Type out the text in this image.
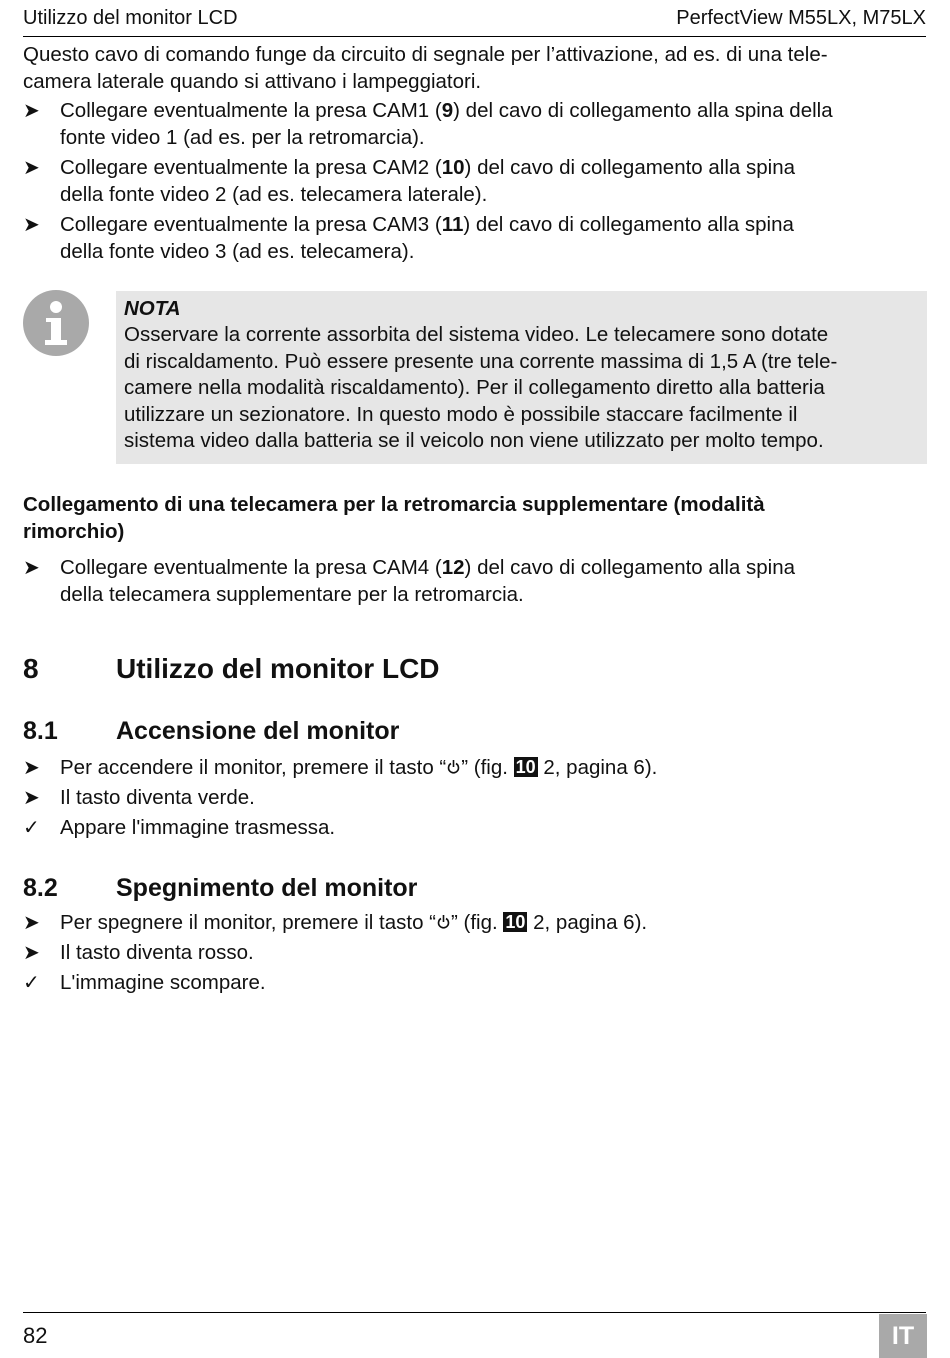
Utilizzo del monitor LCD	PerfectView M55LX, M75LX
Questo cavo di comando funge da circuito di segnale per l’attivazione, ad es. di una tele-
camera laterale quando si attivano i lampeggiatori.
➤ Collegare eventualmente la presa CAM1 (9) del cavo di collegamento alla spina della
fonte video 1 (ad es. per la retromarcia).
➤ Collegare eventualmente la presa CAM2 (10) del cavo di collegamento alla spina
della fonte video 2 (ad es. telecamera laterale).
➤ Collegare eventualmente la presa CAM3 (11) del cavo di collegamento alla spina
della fonte video 3 (ad es. telecamera).
NOTA
Osservare la corrente assorbita del sistema video. Le telecamere sono dotate
di riscaldamento. Può essere presente una corrente massima di 1,5 A (tre tele-
camere nella modalità riscaldamento). Per il collegamento diretto alla batteria
utilizzare un sezionatore. In questo modo è possibile staccare facilmente il
sistema video dalla batteria se il veicolo non viene utilizzato per molto tempo.
Collegamento di una telecamera per la retromarcia supplementare (modalità
rimorchio)
➤ Collegare eventualmente la presa CAM4 (12) del cavo di collegamento alla spina
della telecamera supplementare per la retromarcia.
8	Utilizzo del monitor LCD
8.1 Accensione del monitor
➤ Per accendere il monitor, premere il tasto “ ” (fig. 10 2, pagina 6).
➤ Il tasto diventa verde.
✓ Appare l'immagine trasmessa.
8.2 Spegnimento del monitor
➤ Per spegnere il monitor, premere il tasto “ ” (fig. 10 2, pagina 6).
➤ Il tasto diventa rosso.
✓ L'immagine scompare.
82	IT
